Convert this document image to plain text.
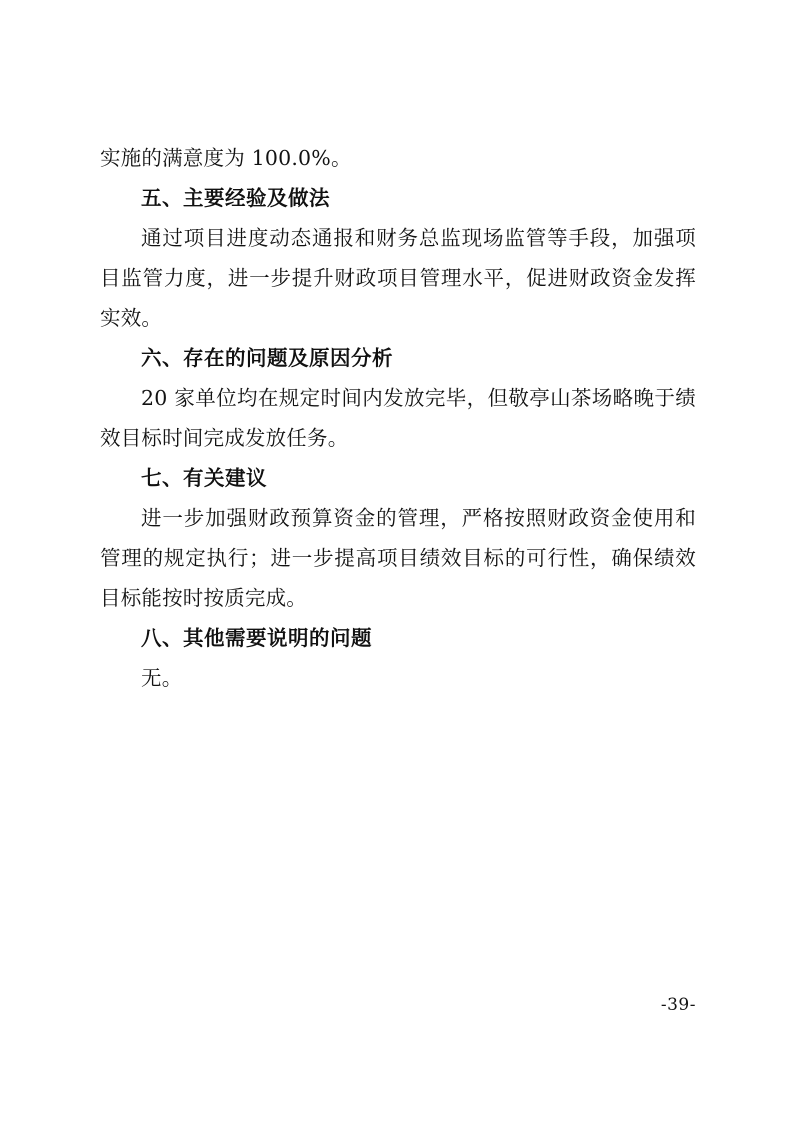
实施的满意度为 100.0%。

五、主要经验及做法

通过项目进度动态通报和财务总监现场监管等手段，加强项目监管力度，进一步提升财政项目管理水平，促进财政资金发挥实效。

六、存在的问题及原因分析

20 家单位均在规定时间内发放完毕，但敬亭山茶场略晚于绩效目标时间完成发放任务。

七、有关建议

进一步加强财政预算资金的管理，严格按照财政资金使用和管理的规定执行；进一步提高项目绩效目标的可行性，确保绩效目标能按时按质完成。

八、其他需要说明的问题

无。

-39-
